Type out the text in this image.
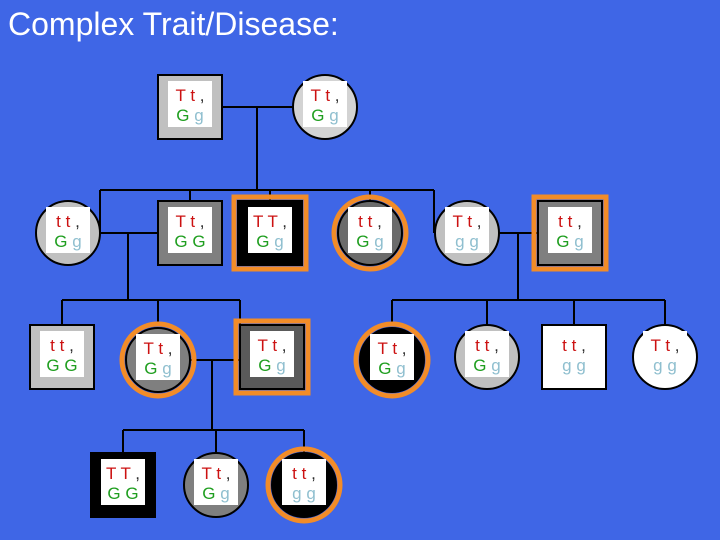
Complex Trait/Disease:
T t ,
G g
T t ,
G g
t t ,
G g
T t ,
G G
T T ,
G g
t t ,
G g
T t ,
g g
t t ,
G g
t t ,
G G
T t ,
G g
T t ,
G g
T t ,
G g
t t ,
G g
t t ,
g g
T t ,
g g
T T ,
G G
T t ,
G g
t t ,
g g
